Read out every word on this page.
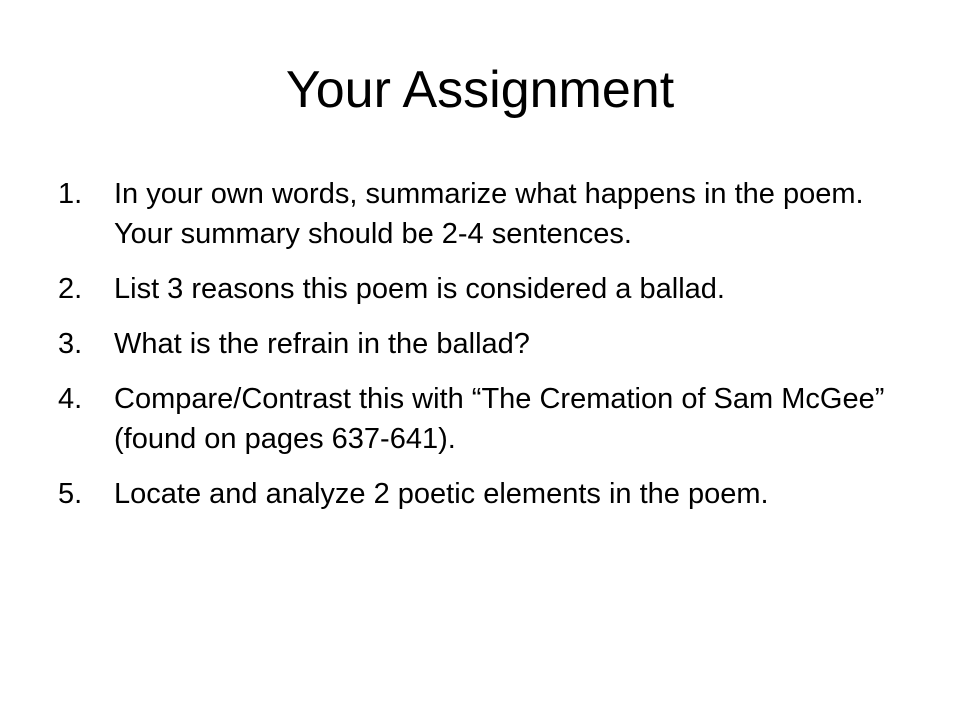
Your Assignment
1.	In your own words, summarize what happens in the poem. Your summary should be 2-4 sentences.
2.	List 3 reasons this poem is considered a ballad.
3.	What is the refrain in the ballad?
4.	Compare/Contrast this with “The Cremation of Sam McGee” (found on pages 637-641).
5.	Locate and analyze 2 poetic elements in the poem.
